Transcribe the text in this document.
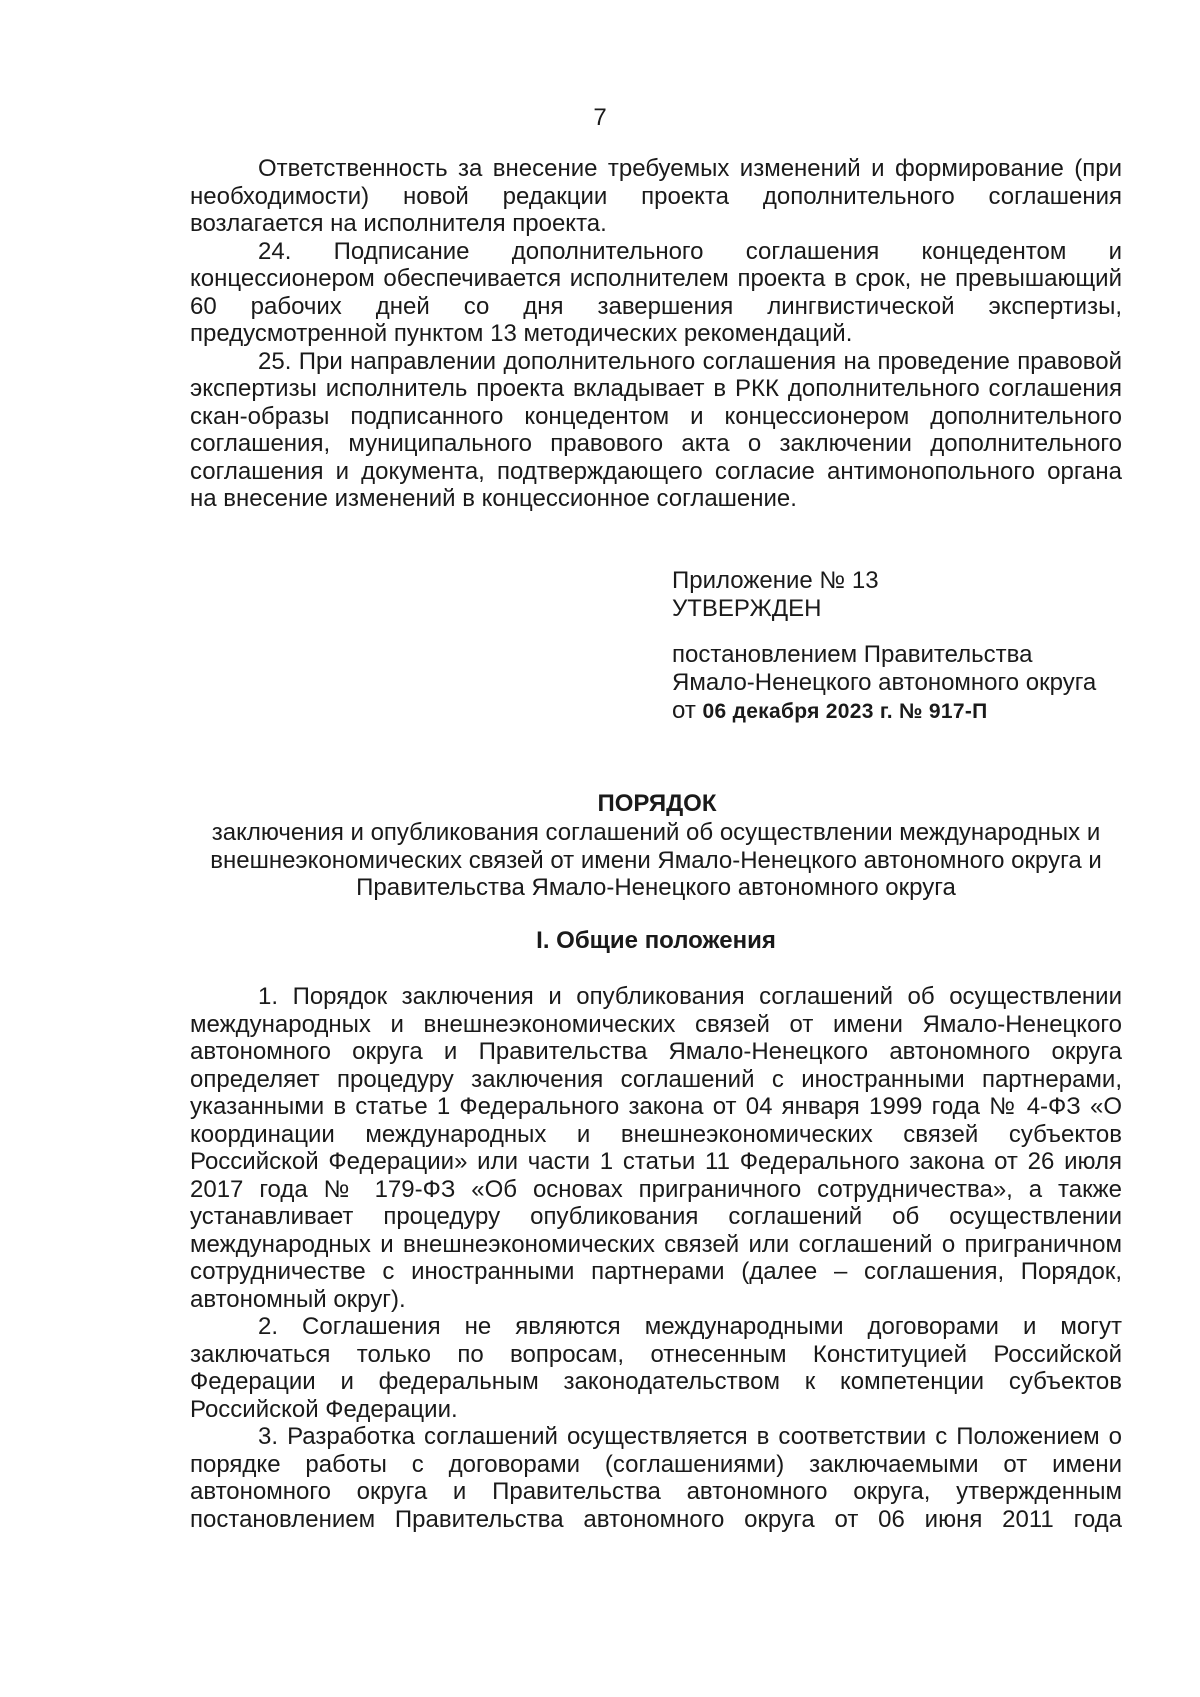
7

Ответственность за внесение требуемых изменений и формирование (при необходимости) новой редакции проекта дополнительного соглашения возлагается на исполнителя проекта.

24. Подписание дополнительного соглашения концедентом и концессионером обеспечивается исполнителем проекта в срок, не превышающий 60 рабочих дней со дня завершения лингвистической экспертизы, предусмотренной пунктом 13 методических рекомендаций.

25. При направлении дополнительного соглашения на проведение правовой экспертизы исполнитель проекта вкладывает в РКК дополнительного соглашения скан-образы подписанного концедентом и концессионером дополнительного соглашения, муниципального правового акта о заключении дополнительного соглашения и документа, подтверждающего согласие антимонопольного органа на внесение изменений в концессионное соглашение.

Приложение № 13
УТВЕРЖДЕН
постановлением Правительства
Ямало-Ненецкого автономного округа
от 06 декабря 2023 г. № 917-П
ПОРЯДОК
заключения и опубликования соглашений об осуществлении международных и внешнеэкономических связей от имени Ямало-Ненецкого автономного округа и Правительства Ямало-Ненецкого автономного округа
I. Общие положения

1. Порядок заключения и опубликования соглашений об осуществлении международных и внешнеэкономических связей от имени Ямало-Ненецкого автономного округа и Правительства Ямало-Ненецкого автономного округа определяет процедуру заключения соглашений с иностранными партнерами, указанными в статье 1 Федерального закона от 04 января 1999 года № 4-ФЗ «О координации международных и внешнеэкономических связей субъектов Российской Федерации» или части 1 статьи 11 Федерального закона от 26 июля 2017 года № 179-ФЗ «Об основах приграничного сотрудничества», а также устанавливает процедуру опубликования соглашений об осуществлении международных и внешнеэкономических связей или соглашений о приграничном сотрудничестве с иностранными партнерами (далее – соглашения, Порядок, автономный округ).

2. Соглашения не являются международными договорами и могут заключаться только по вопросам, отнесенным Конституцией Российской Федерации и федеральным законодательством к компетенции субъектов Российской Федерации.

3. Разработка соглашений осуществляется в соответствии с Положением о порядке работы с договорами (соглашениями) заключаемыми от имени автономного округа и Правительства автономного округа, утвержденным постановлением Правительства автономного округа от 06 июня 2011 года
